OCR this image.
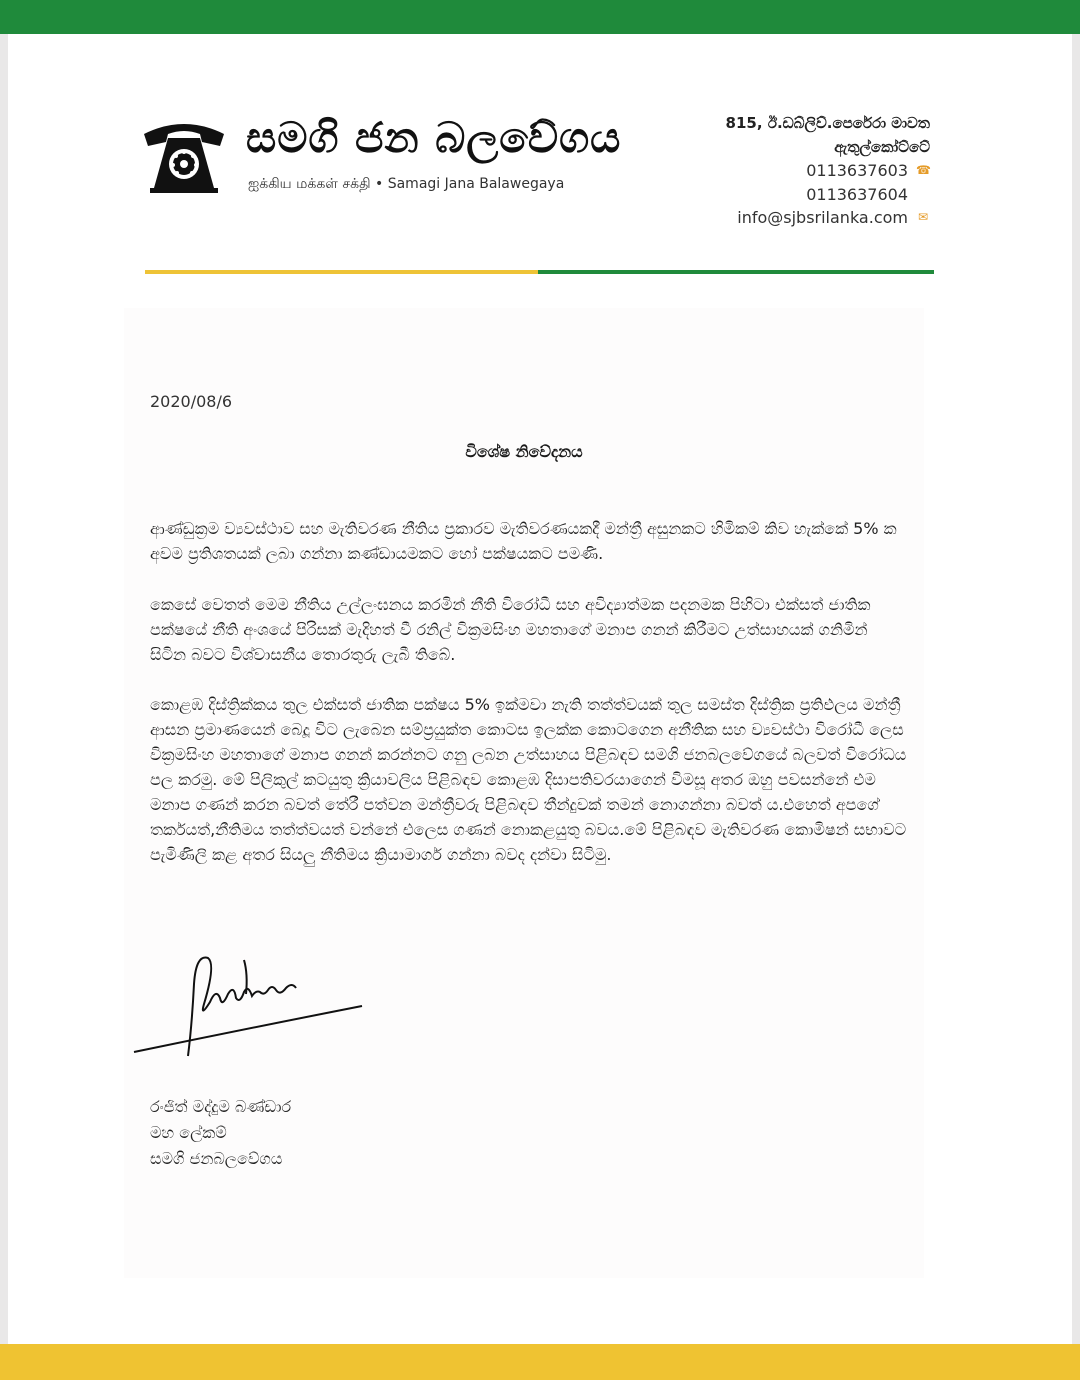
සමගි ජන බලවේගය
ஐக்கிய மக்கள் சக்தி • Samagi Jana Balawegaya
815, ඊ.ඩබ්ලිව්.පෙරේරා මාවත
ඇතුල්කෝට්ටේ
0113637603 ☎
0113637604
info@sjbsrilanka.com ✉
2020/08/6
විශේෂ නිවේදනය
ආණ්ඩුක්‍රම ව්‍යවස්ථාව සහ මැතිවරණ නීතිය ප්‍රකාරව මැතිවරණයකදී මන්ත්‍රී අසුනකට හිමිකම් කිව හැක්කේ 5% ක අවම ප්‍රතිශතයක් ලබා ගන්නා කණ්ඩායමකට හෝ පක්ෂයකට පමණි.
කෙසේ වෙතත් මෙම නීතිය උල්ලංඝනය කරමින් නීති විරෝධී සහ අවිද්‍යාත්මක පදනමක පිහිටා එක්සත් ජාතික පක්ෂයේ නීති අංශයේ පිරිසක් මැදිහත් වී රනිල් වික්‍රමසිංහ මහතාගේ මනාප ගනන් කිරීමට උත්සාහයක් ගනිමින් සිටින බවට විශ්වාසනීය තොරතුරු ලැබී තිබේ.
කොළඹ දිස්ත්‍රික්කය තුල එක්සත් ජාතික පක්ෂය 5% ඉක්මවා නැති තත්ත්වයක් තුල සමස්ත දිස්ත්‍රික ප්‍රතිඵලය මන්ත්‍රී ආසන ප්‍රමාණයෙන් බෙදූ විට ලැබෙන සම්ප්‍රයුක්ත කොටස ඉලක්ක කොටගෙන අනීතික සහ ව්‍යවස්ථා විරෝධී ලෙස වික්‍රමසිංහ මහතාගේ මනාප ගනන් කරන්නට ගනු ලබන උත්සාහය පිළිබඳව සමගි ජනබලවේගයේ බලවත් විරෝධය පල කරමු. මේ පිලිකුල් කටයුතු ක්‍රියාවලිය පිළිබඳව කොළඹ දිසාපතිවරයාගෙන් විමසූ අතර ඔහු පවසන්නේ එම මනාප ගණන් කරන බවත් තේරී පත්වන මන්ත්‍රීවරු පිළිබඳව තීන්දුවක් තමන් නොගන්නා බවත් ය.එහෙත් අපගේ තර්කයත්,නීතිමය තත්ත්වයත් වන්නේ එලෙස ගණන් නොකළයුතු බවය.මේ පිළිබඳව මැතිවරණ කොමිෂන් සභාවට පැමිණිලි කළ අතර සියලු නීතිමය ක්‍රියාමාර්ග ගන්නා බවද දන්වා සිටිමු.
රංජිත් මද්දුම බණ්ඩාර
මහ ලේකම්
සමගි ජනබලවේගය
